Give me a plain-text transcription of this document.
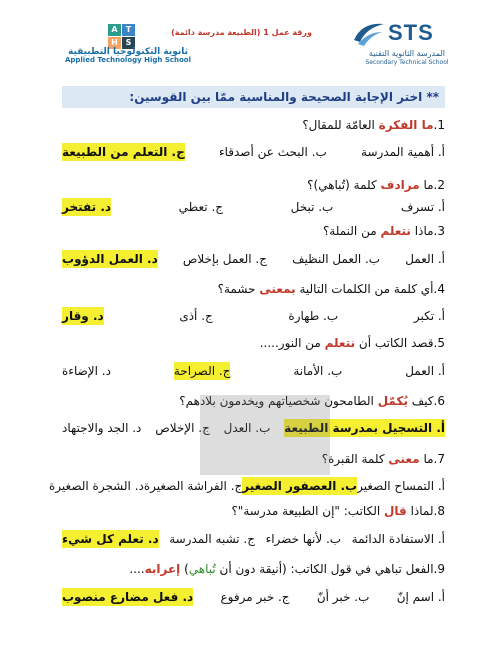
A	T
H S
ثانوية التكنولوجيا التطبيقية
Applied Technology High School
ورقة عمل 1 (الطبيعة مدرسة دائمة)	STS
المدرسة الثانوية التقنية
Secondary Technical School
** اختر الإجابة الصحيحة والمناسبة ممّا بين القوسين:
1.ما الفكرة العامّة للمقال؟
أ. أهمية المدرسة
ب. البحث عن أصدقاء
ج. التعلم من الطبيعة
2.ما مرادف كلمة (تُباهي)؟
أ. تسرف
ب. تبخل
ج. تعطي
د. تفتخر
3.ماذا نتعلم من النملة؟
أ. العمل
ب. العمل النظيف
ج. العمل بإخلاص
د. العمل الدؤوب
4.أي كلمة من الكلمات التالية بمعنى حشمة؟
أ. تكبر
ب. طهارة
ج. أذى
د. وقار
5.قصد الكاتب أن نتعلم من النور.....
أ. العمل
ب. الأمانة
ج. الصراحة
د. الإضاءة
6.كيف يُكمّل الطامحون شخصياتهم ويخدمون بلادهم؟
أ. التسجيل بمدرسة الطبيعة
ب. العدل
ج. الإخلاص
د. الجد والاجتهاد
7.ما معنى كلمة القبرة؟
أ. التمساح الصغير
ب. العصفور الصغير
ج. الفراشة الصغيرة
د. الشجرة الصغيرة
8.لماذا قال الكاتب: "إن الطبيعة مدرسة"؟
أ. الاستفادة الدائمة
ب. لأنها خضراء
ج. تشبه المدرسة
د. تعلم كل شيء
9.الفعل تباهي في قول الكاتب: (أنيقة دون أن تُباهي) إعرابه....
أ. اسم إنّ
ب. خبر أنّ
ج. خبر مرفوع
د. فعل مضارع منصوب
